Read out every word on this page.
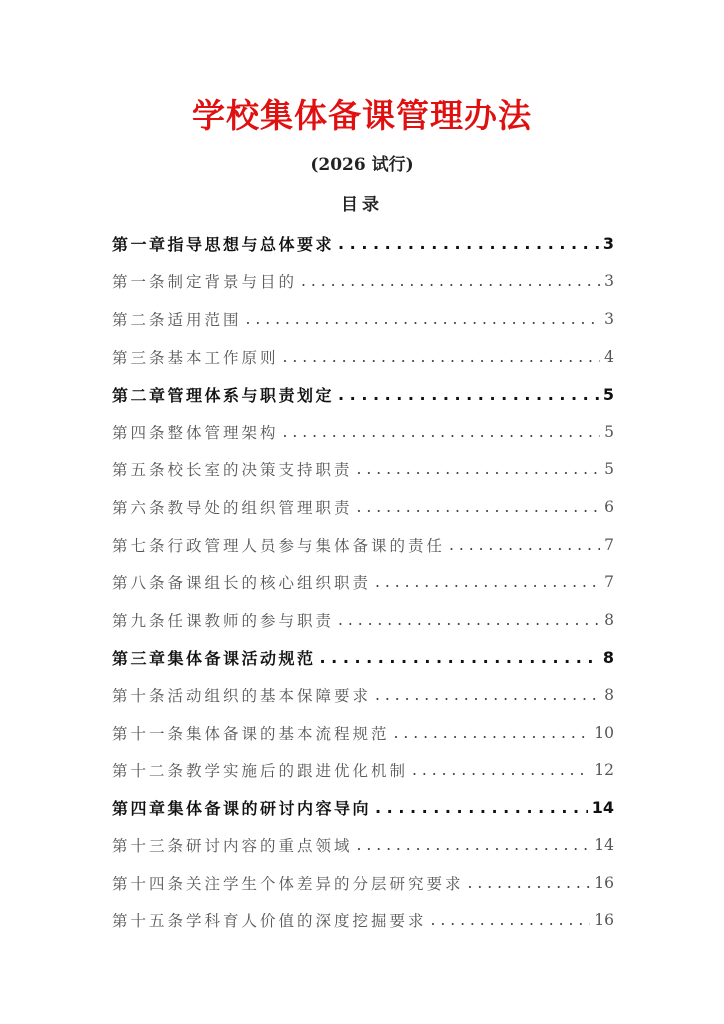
学校集体备课管理办法
(2026 试行)
目录
第一章指导思想与总体要求 . . .	3
第一条制定背景与目的 . . .	3
第二条适用范围 . . .	3
第三条基本工作原则 . . .	4
第二章管理体系与职责划定 . . .	5
第四条整体管理架构 . . .	5
第五条校长室的决策支持职责 . . .	5
第六条教导处的组织管理职责 . . .	6
第七条行政管理人员参与集体备课的责任 . . .	7
第八条备课组长的核心组织职责 . . .	7
第九条任课教师的参与职责 . . .	8
第三章集体备课活动规范 . . .	8
第十条活动组织的基本保障要求 . . .	8
第十一条集体备课的基本流程规范 . . .	10
第十二条教学实施后的跟进优化机制 . . .	12
第四章集体备课的研讨内容导向 . . .	14
第十三条研讨内容的重点领域 . . .	14
第十四条关注学生个体差异的分层研究要求 . . .	16
第十五条学科育人价值的深度挖掘要求 . . .	16
